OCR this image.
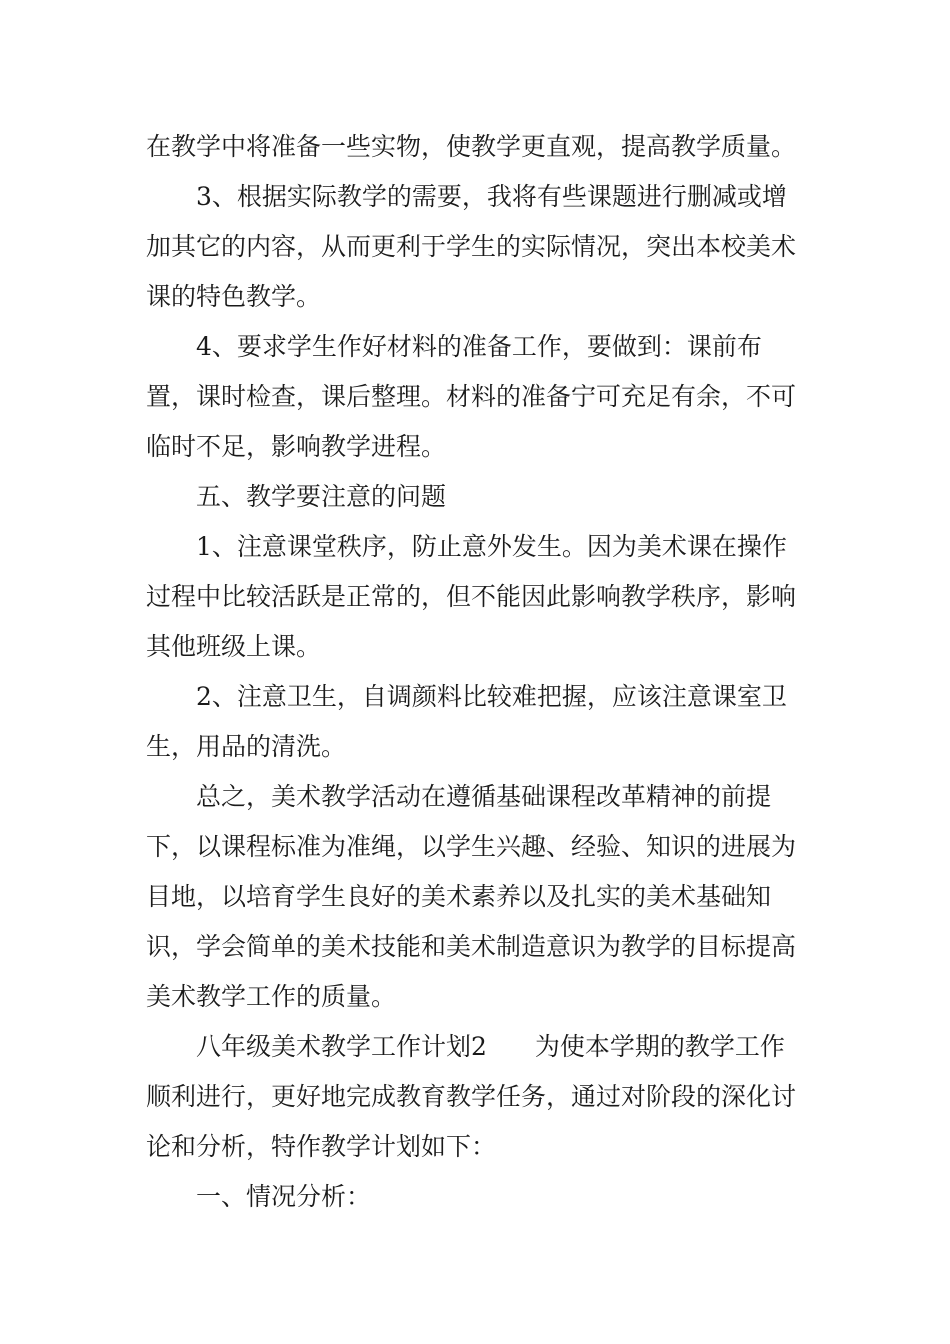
在教学中将准备一些实物，使教学更直观，提高教学质量。

3、根据实际教学的需要，我将有些课题进行删减或增加其它的内容，从而更利于学生的实际情况，突出本校美术课的特色教学。

4、要求学生作好材料的准备工作，要做到：课前布置，课时检查，课后整理。材料的准备宁可充足有余，不可临时不足，影响教学进程。

五、教学要注意的问题

1、注意课堂秩序，防止意外发生。因为美术课在操作过程中比较活跃是正常的，但不能因此影响教学秩序，影响其他班级上课。

2、注意卫生，自调颜料比较难把握，应该注意课室卫生，用品的清洗。

总之，美术教学活动在遵循基础课程改革精神的前提下，以课程标准为准绳，以学生兴趣、经验、知识的进展为目地，以培育学生良好的美术素养以及扎实的美术基础知识，学会简单的美术技能和美术制造意识为教学的目标提高美术教学工作的质量。

八年级美术教学工作计划2 为使本学期的教学工作顺利进行，更好地完成教育教学任务，通过对阶段的深化讨论和分析，特作教学计划如下：

一、情况分析：
